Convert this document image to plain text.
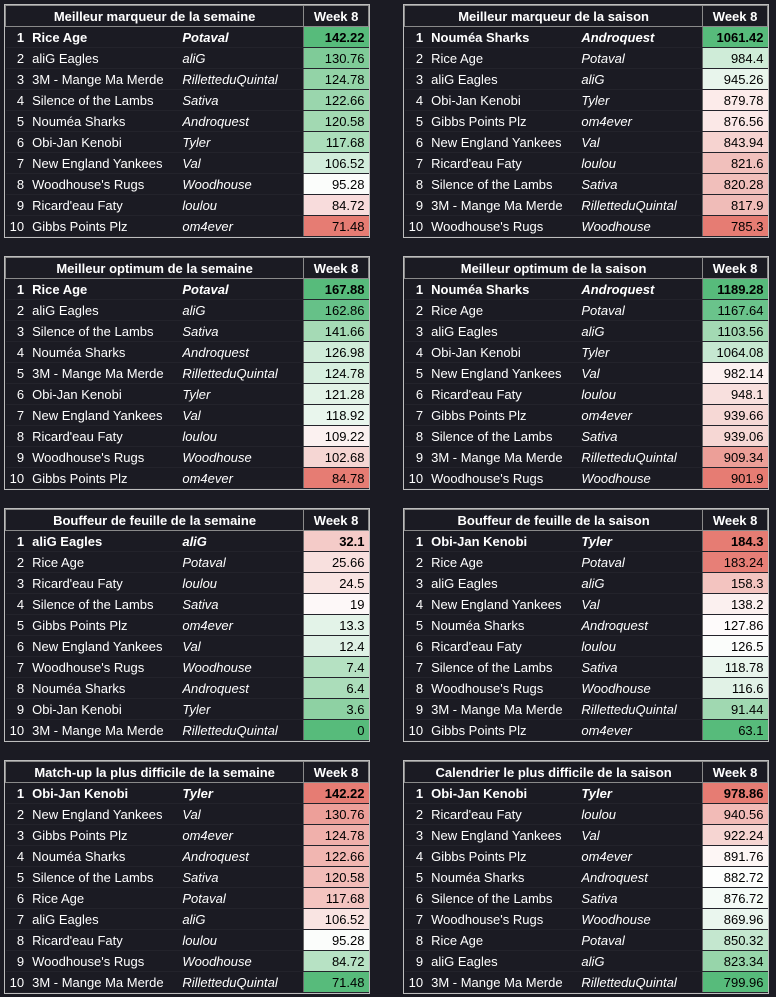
Meilleur marqueur de la semaine			Week 8
1	Rice Age	Potaval	142.22
2	aliG Eagles	aliG	130.76
3	3M - Mange Ma Merde	RilletteduQuintal	124.78
4	Silence of the Lambs	Sativa	122.66
5	Nouméa Sharks	Androquest	120.58
6	Obi-Jan Kenobi	Tyler	117.68
7	New England Yankees	Val	106.52
8	Woodhouse's Rugs	Woodhouse	95.28
9	Ricard'eau Faty	loulou	84.72
10	Gibbs Points Plz	om4ever	71.48
Meilleur marqueur de la saison			Week 8
1	Nouméa Sharks	Androquest	1061.42
2	Rice Age	Potaval	984.4
3	aliG Eagles	aliG	945.26
4	Obi-Jan Kenobi	Tyler	879.78
5	Gibbs Points Plz	om4ever	876.56
6	New England Yankees	Val	843.94
7	Ricard'eau Faty	loulou	821.6
8	Silence of the Lambs	Sativa	820.28
9	3M - Mange Ma Merde	RilletteduQuintal	817.9
10	Woodhouse's Rugs	Woodhouse	785.3
Meilleur optimum de la semaine			Week 8
1	Rice Age	Potaval	167.88
2	aliG Eagles	aliG	162.86
3	Silence of the Lambs	Sativa	141.66
4	Nouméa Sharks	Androquest	126.98
5	3M - Mange Ma Merde	RilletteduQuintal	124.78
6	Obi-Jan Kenobi	Tyler	121.28
7	New England Yankees	Val	118.92
8	Ricard'eau Faty	loulou	109.22
9	Woodhouse's Rugs	Woodhouse	102.68
10	Gibbs Points Plz	om4ever	84.78
Meilleur optimum de la saison			Week 8
1	Nouméa Sharks	Androquest	1189.28
2	Rice Age	Potaval	1167.64
3	aliG Eagles	aliG	1103.56
4	Obi-Jan Kenobi	Tyler	1064.08
5	New England Yankees	Val	982.14
6	Ricard'eau Faty	loulou	948.1
7	Gibbs Points Plz	om4ever	939.66
8	Silence of the Lambs	Sativa	939.06
9	3M - Mange Ma Merde	RilletteduQuintal	909.34
10	Woodhouse's Rugs	Woodhouse	901.9
Bouffeur de feuille de la semaine			Week 8
1	aliG Eagles	aliG	32.1
2	Rice Age	Potaval	25.66
3	Ricard'eau Faty	loulou	24.5
4	Silence of the Lambs	Sativa	19
5	Gibbs Points Plz	om4ever	13.3
6	New England Yankees	Val	12.4
7	Woodhouse's Rugs	Woodhouse	7.4
8	Nouméa Sharks	Androquest	6.4
9	Obi-Jan Kenobi	Tyler	3.6
10	3M - Mange Ma Merde	RilletteduQuintal	0
Bouffeur de feuille de la saison			Week 8
1	Obi-Jan Kenobi	Tyler	184.3
2	Rice Age	Potaval	183.24
3	aliG Eagles	aliG	158.3
4	New England Yankees	Val	138.2
5	Nouméa Sharks	Androquest	127.86
6	Ricard'eau Faty	loulou	126.5
7	Silence of the Lambs	Sativa	118.78
8	Woodhouse's Rugs	Woodhouse	116.6
9	3M - Mange Ma Merde	RilletteduQuintal	91.44
10	Gibbs Points Plz	om4ever	63.1
Match-up la plus difficile de la semaine			Week 8
1	Obi-Jan Kenobi	Tyler	142.22
2	New England Yankees	Val	130.76
3	Gibbs Points Plz	om4ever	124.78
4	Nouméa Sharks	Androquest	122.66
5	Silence of the Lambs	Sativa	120.58
6	Rice Age	Potaval	117.68
7	aliG Eagles	aliG	106.52
8	Ricard'eau Faty	loulou	95.28
9	Woodhouse's Rugs	Woodhouse	84.72
10	3M - Mange Ma Merde	RilletteduQuintal	71.48
Calendrier le plus difficile de la saison			Week 8
1	Obi-Jan Kenobi	Tyler	978.86
2	Ricard'eau Faty	loulou	940.56
3	New England Yankees	Val	922.24
4	Gibbs Points Plz	om4ever	891.76
5	Nouméa Sharks	Androquest	882.72
6	Silence of the Lambs	Sativa	876.72
7	Woodhouse's Rugs	Woodhouse	869.96
8	Rice Age	Potaval	850.32
9	aliG Eagles	aliG	823.34
10	3M - Mange Ma Merde	RilletteduQuintal	799.96
